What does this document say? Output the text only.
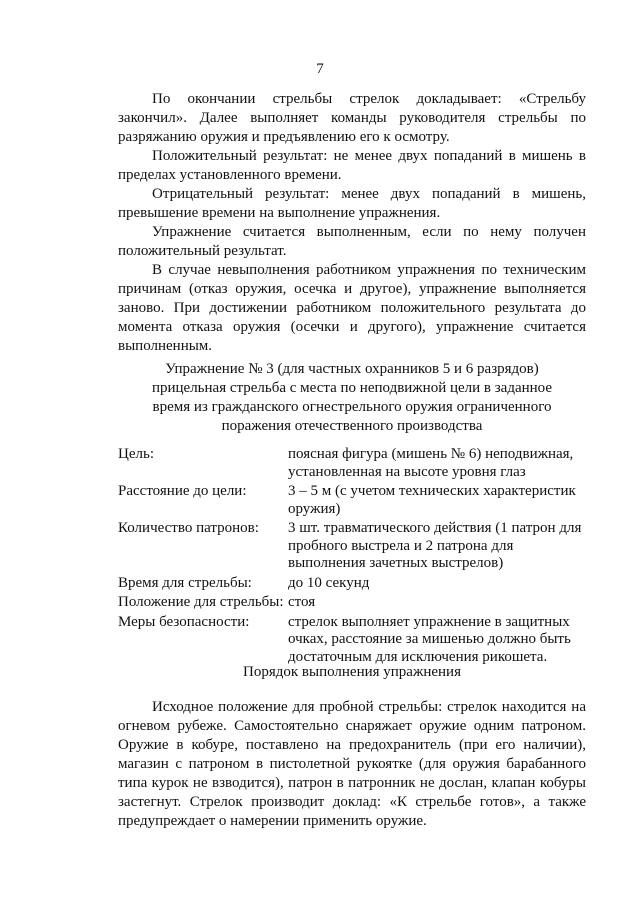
7

По окончании стрельбы стрелок докладывает: «Стрельбу закончил». Далее выполняет команды руководителя стрельбы по разряжанию оружия и предъявлению его к осмотру.

Положительный результат: не менее двух попаданий в мишень в пределах установленного времени.

Отрицательный результат: менее двух попаданий в мишень, превышение времени на выполнение упражнения.

Упражнение считается выполненным, если по нему получен положительный результат.

В случае невыполнения работником упражнения по техническим причинам (отказ оружия, осечка и другое), упражнение выполняется заново. При достижении работником положительного результата до момента отказа оружия (осечки и другого), упражнение считается выполненным.

Упражнение № 3 (для частных охранников 5 и 6 разрядов)
прицельная стрельба с места по неподвижной цели в заданное
время из гражданского огнестрельного оружия ограниченного
поражения отечественного производства
Цель:	поясная фигура (мишень № 6) неподвижная, установленная на высоте уровня глаз
Расстояние до цели:	3 – 5 м (с учетом технических характеристик оружия)
Количество патронов:	3 шт. травматического действия (1 патрон для пробного выстрела и 2 патрона для выполнения зачетных выстрелов)
Время для стрельбы:	до 10 секунд
Положение для стрельбы: стоя
Меры безопасности:	стрелок выполняет упражнение в защитных очках, расстояние за мишенью должно быть достаточным для исключения рикошета.
Порядок выполнения упражнения

Исходное положение для пробной стрельбы: стрелок находится на огневом рубеже. Самостоятельно снаряжает оружие одним патроном. Оружие в кобуре, поставлено на предохранитель (при его наличии), магазин с патроном в пистолетной рукоятке (для оружия барабанного типа курок не взводится), патрон в патронник не дослан, клапан кобуры застегнут. Стрелок производит доклад: «К стрельбе готов», а также предупреждает о намерении применить оружие.
